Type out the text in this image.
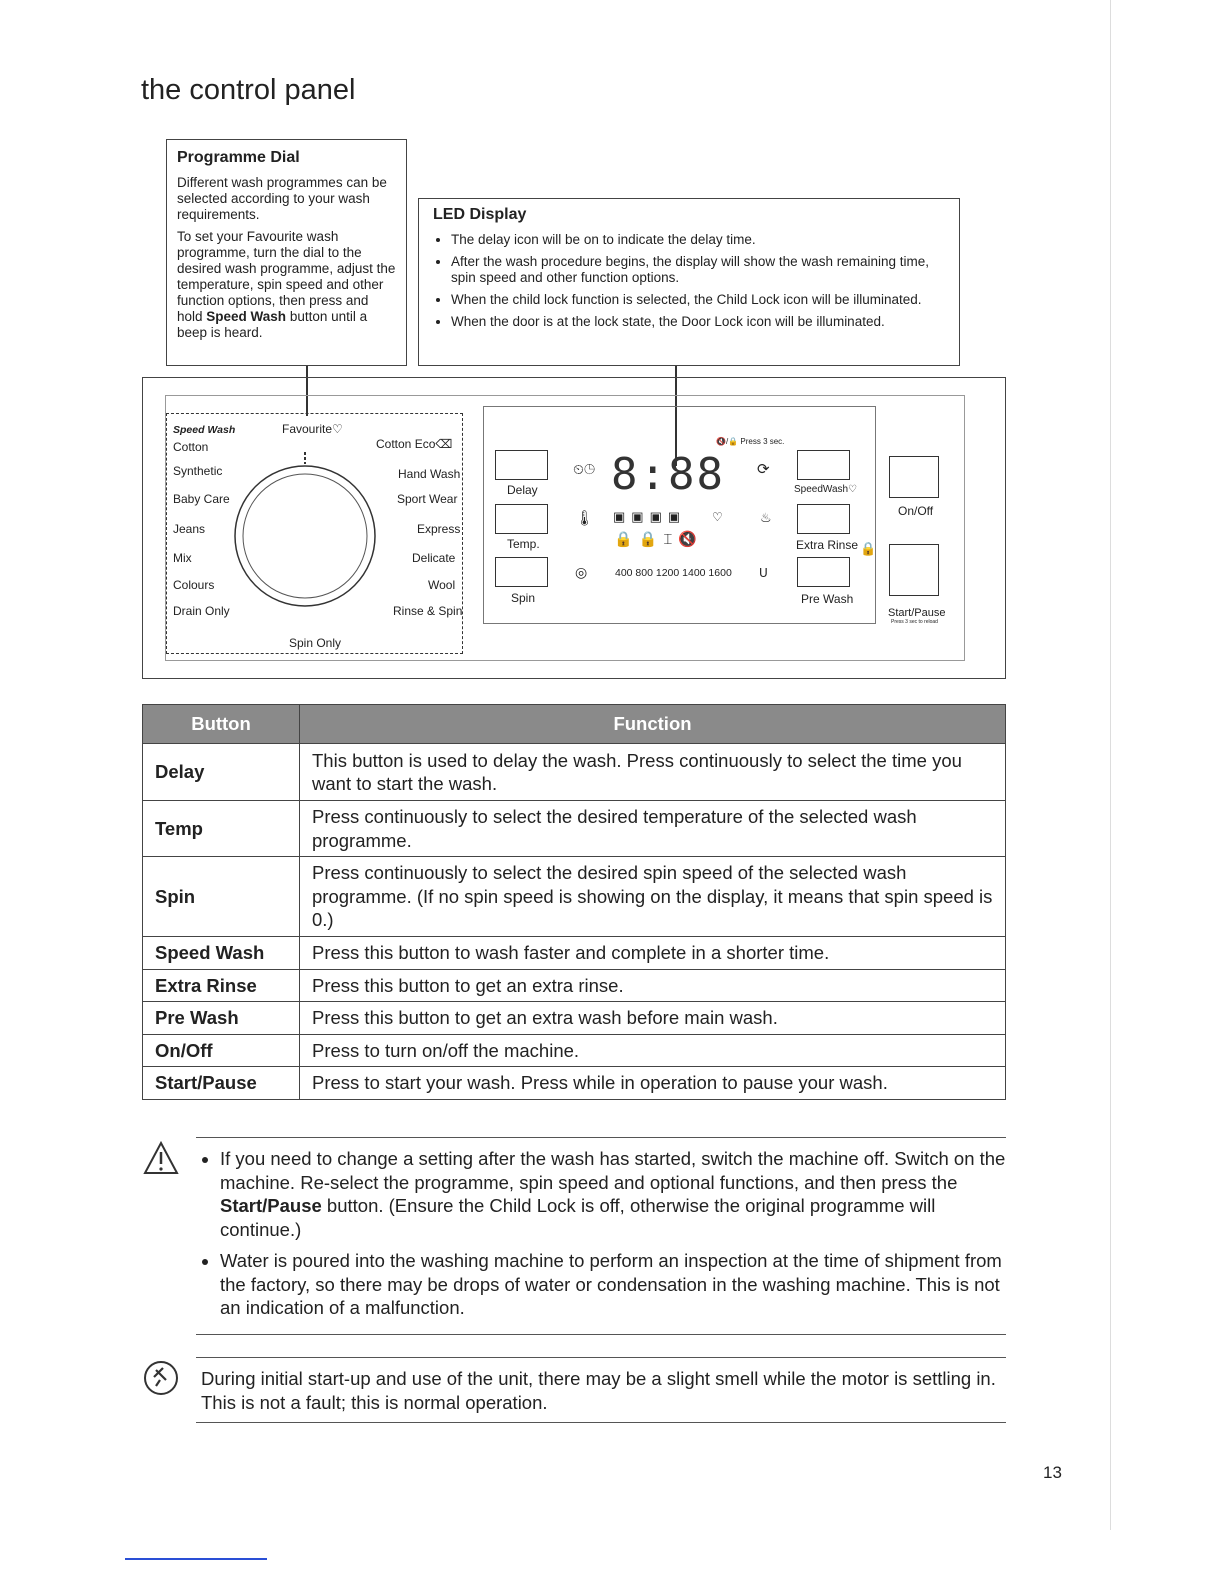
the control panel
Programme Dial

Different wash programmes can be selected according to your wash requirements.

To set your Favourite wash programme, turn the dial to the desired wash programme, adjust the temperature, spin speed and other function options, then press and hold Speed Wash button until a beep is heard.

LED Display
• The delay icon will be on to indicate the delay time.
• After the wash procedure begins, the display will show the wash remaining time, spin speed and other function options.
• When the child lock function is selected, the Child Lock icon will be illuminated.
• When the door is at the lock state, the Door Lock icon will be illuminated.
Speed Wash	Favourite♡
Cotton	Cotton Eco⌫
Synthetic	Hand Wash
Baby Care	Sport Wear
Jeans	Express
Mix	Delicate
Colours	Wool
Drain Only	Rinse & Spin
Spin Only
Delay
Temp.
Spin
🔇/🔒 Press 3 sec.
⏲◷ 8:88 ⟳
🌡 ▣▣▣▣ ♡	♨
🔒🔒⌶🔇
◎	400 800 1200 1400 1600 ᑌ
SpeedWash♡
Extra Rinse 🔒
Pre Wash
On/Off
Start/Pause
Press 3 sec to reload
Button	Function
Delay	This button is used to delay the wash. Press continuously to select the time you want to start the wash.
Temp	Press continuously to select the desired temperature of the selected wash programme.
Spin	Press continuously to select the desired spin speed of the selected wash programme. (If no spin speed is showing on the display, it means that spin speed is 0.)
Speed Wash	Press this button to wash faster and complete in a shorter time.
Extra Rinse	Press this button to get an extra rinse.
Pre Wash	Press this button to get an extra wash before main wash.
On/Off	Press to turn on/off the machine.
Start/Pause	Press to start your wash. Press while in operation to pause your wash.
• If you need to change a setting after the wash has started, switch the machine off. Switch on the machine. Re-select the programme, spin speed and optional functions, and then press the Start/Pause button. (Ensure the Child Lock is off, otherwise the original programme will continue.)
• Water is poured into the washing machine to perform an inspection at the time of shipment from the factory, so there may be drops of water or condensation in the washing machine. This is not an indication of a malfunction.

During initial start-up and use of the unit, there may be a slight smell while the motor is settling in. This is not a fault; this is normal operation.

13
